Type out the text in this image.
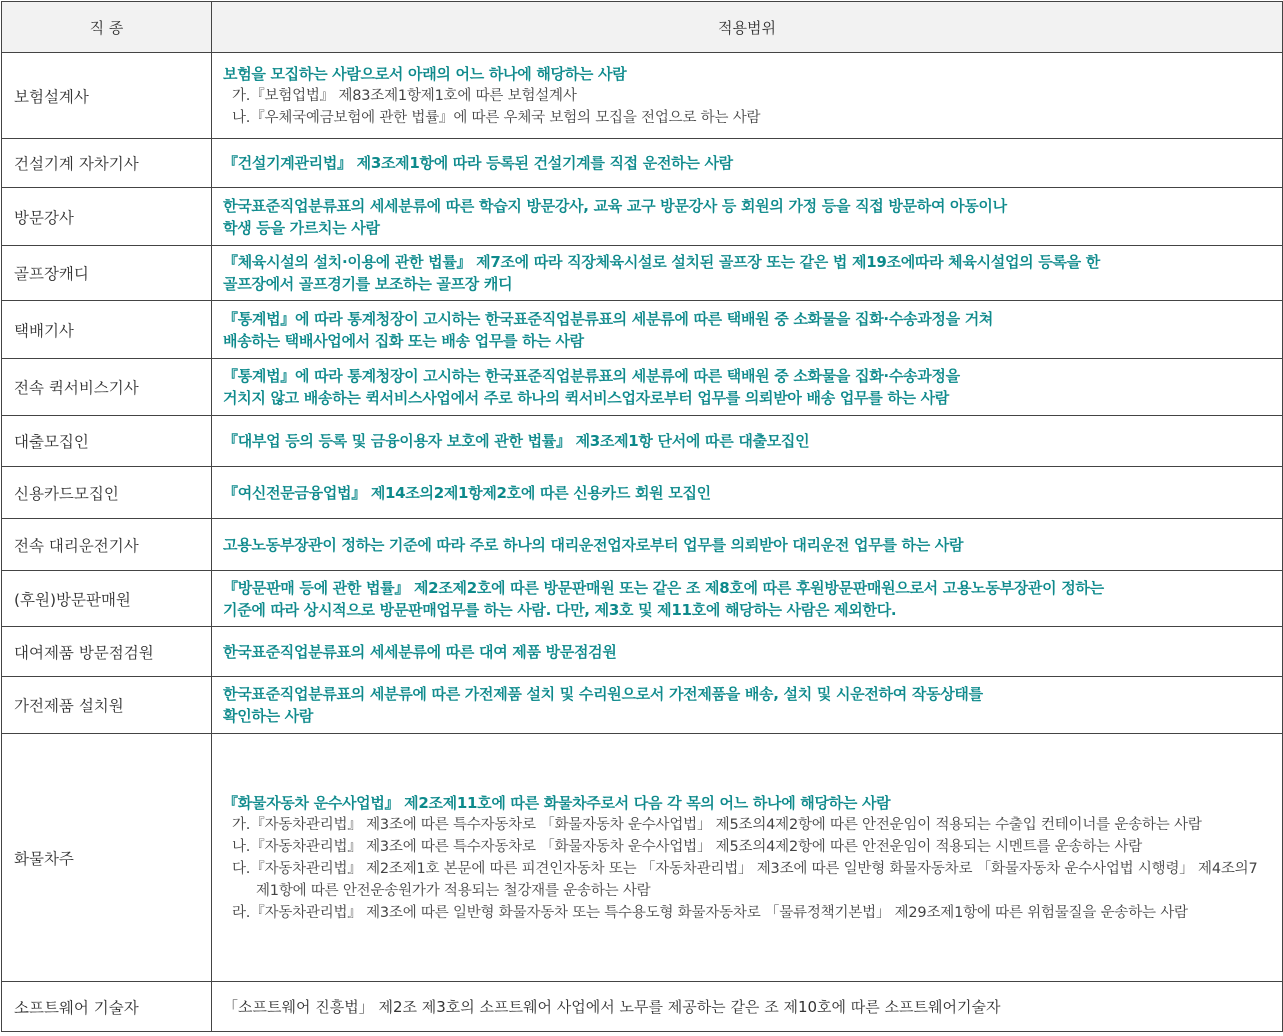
직 종	적용범위
보험설계사	보험을 모집하는 사람으로서 아래의 어느 하나에 해당하는 사람
가.『보험업법』 제83조제1항제1호에 따른 보험설계사
나.『우체국예금보험에 관한 법률』에 따른 우체국 보험의 모집을 전업으로 하는 사람

건설기계 자차기사	『건설기계관리법』 제3조제1항에 따라 등록된 건설기계를 직접 운전하는 사람

방문강사	한국표준직업분류표의 세세분류에 따른 학습지 방문강사, 교육 교구 방문강사 등 회원의 가정 등을 직접 방문하여 아동이나
학생 등을 가르치는 사람

골프장캐디	『체육시설의 설치·이용에 관한 법률』 제7조에 따라 직장체육시설로 설치된 골프장 또는 같은 법 제19조에따라 체육시설업의 등록을 한
골프장에서 골프경기를 보조하는 골프장 캐디

택배기사	『통계법』에 따라 통계청장이 고시하는 한국표준직업분류표의 세분류에 따른 택배원 중 소화물을 집화·수송과정을 거쳐
배송하는 택배사업에서 집화 또는 배송 업무를 하는 사람

전속 퀵서비스기사	『통계법』에 따라 통계청장이 고시하는 한국표준직업분류표의 세분류에 따른 택배원 중 소화물을 집화·수송과정을
거치지 않고 배송하는 퀵서비스사업에서 주로 하나의 퀵서비스업자로부터 업무를 의뢰받아 배송 업무를 하는 사람

대출모집인	『대부업 등의 등록 및 금융이용자 보호에 관한 법률』 제3조제1항 단서에 따른 대출모집인

신용카드모집인	『여신전문금융업법』 제14조의2제1항제2호에 따른 신용카드 회원 모집인

전속 대리운전기사	고용노동부장관이 정하는 기준에 따라 주로 하나의 대리운전업자로부터 업무를 의뢰받아 대리운전 업무를 하는 사람

(후원)방문판매원	『방문판매 등에 관한 법률』 제2조제2호에 따른 방문판매원 또는 같은 조 제8호에 따른 후원방문판매원으로서 고용노동부장관이 정하는
기준에 따라 상시적으로 방문판매업무를 하는 사람. 다만, 제3호 및 제11호에 해당하는 사람은 제외한다.

대여제품 방문점검원	한국표준직업분류표의 세세분류에 따른 대여 제품 방문점검원

가전제품 설치원	한국표준직업분류표의 세분류에 따른 가전제품 설치 및 수리원으로서 가전제품을 배송, 설치 및 시운전하여 작동상태를
확인하는 사람

화물차주	『화물자동차 운수사업법』 제2조제11호에 따른 화물차주로서 다음 각 목의 어느 하나에 해당하는 사람
가.『자동차관리법』 제3조에 따른 특수자동차로 「화물자동차 운수사업법」 제5조의4제2항에 따른 안전운임이 적용되는 수출입 컨테이너를 운송하는 사람
나.『자동차관리법』 제3조에 따른 특수자동차로 「화물자동차 운수사업법」 제5조의4제2항에 따른 안전운임이 적용되는 시멘트를 운송하는 사람
다.『자동차관리법』 제2조제1호 본문에 따른 피견인자동차 또는 「자동차관리법」 제3조에 따른 일반형 화물자동차로 「화물자동차 운수사업법 시행령」 제4조의7제1항에 따른 안전운송원가가 적용되는 철강재를 운송하는 사람
라.『자동차관리법』 제3조에 따른 일반형 화물자동차 또는 특수용도형 화물자동차로 「물류정책기본법」 제29조제1항에 따른 위험물질을 운송하는 사람

소프트웨어 기술자	「소프트웨어 진흥법」 제2조 제3호의 소프트웨어 사업에서 노무를 제공하는 같은 조 제10호에 따른 소프트웨어기술자
